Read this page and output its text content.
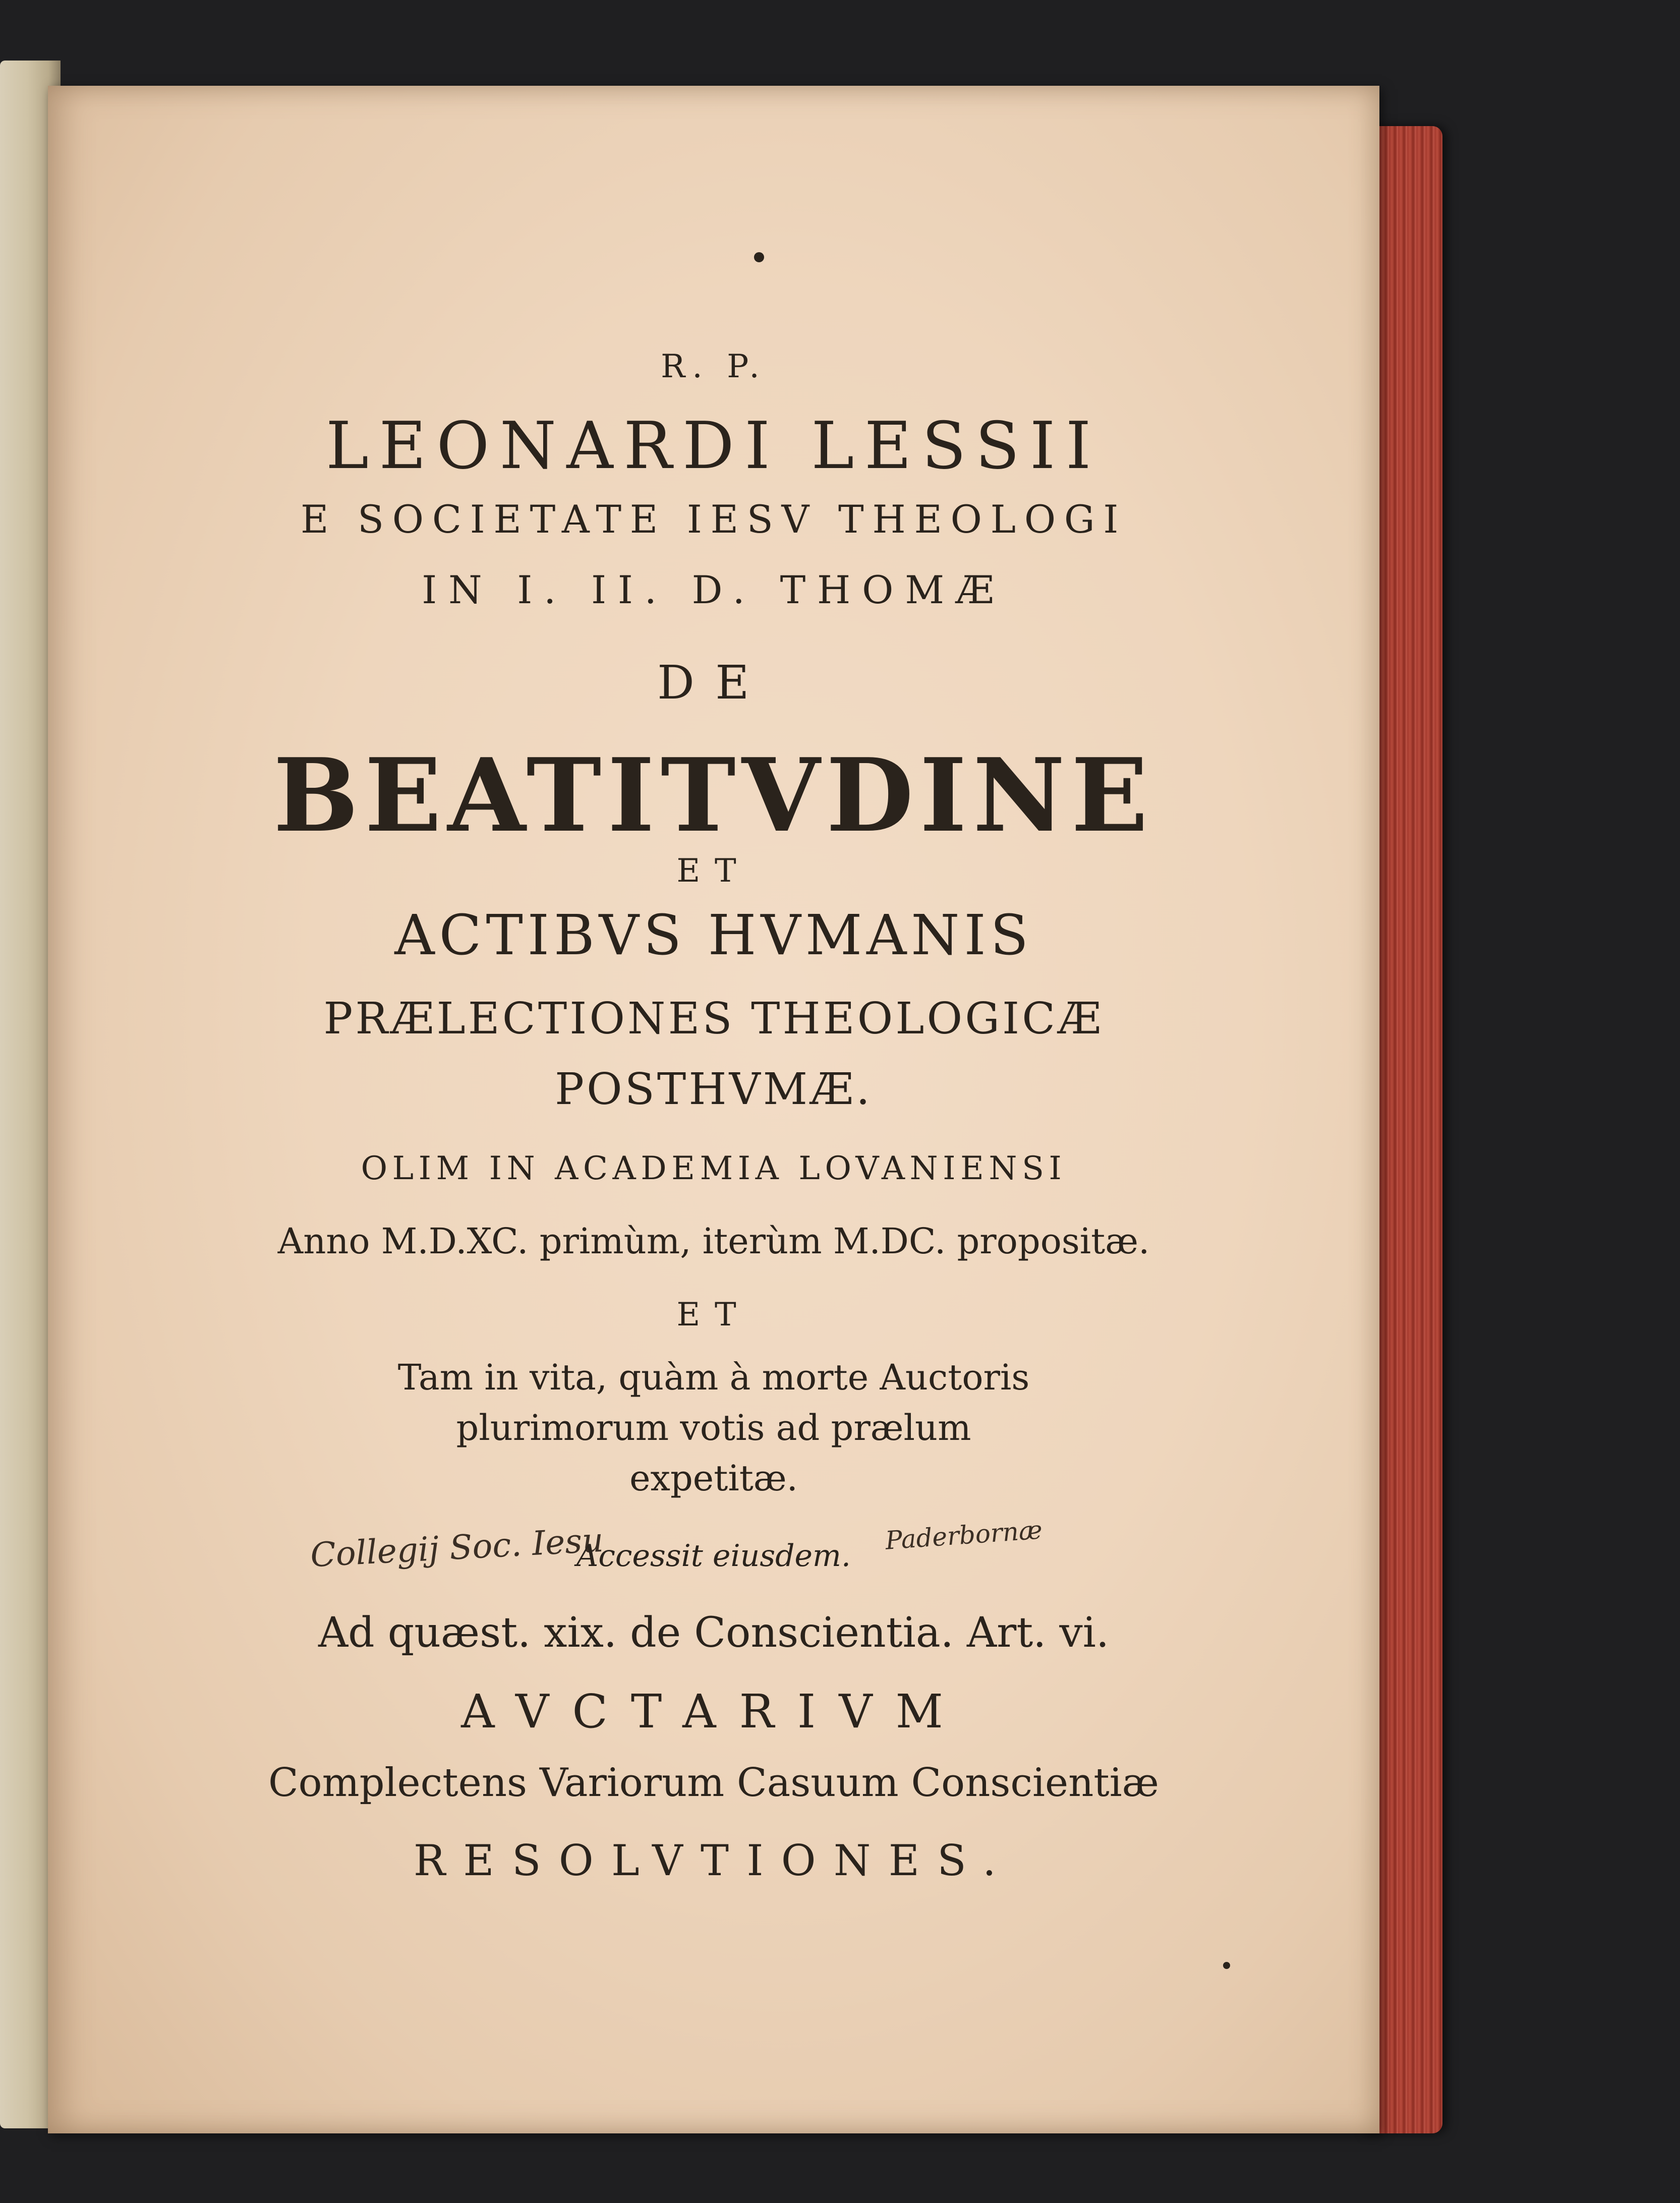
R. P.
LEONARDI LESSII
E SOCIETATE IESV THEOLOGI
IN I. II. D. THOMÆ
DE
BEATITVDINE
ET
ACTIBVS HVMANIS
PRÆLECTIONES THEOLOGICÆ
POSTHVMÆ.
OLIM IN ACADEMIA LOVANIENSI
Anno M.D.XC. primùm, iterùm M.DC. propositæ.
ET
Tam in vita, quàm à morte Auctoris
plurimorum votis ad prælum
expetitæ.
Collegij Soc. Iesu
Accessit eiusdem.
Paderbornæ
Ad quæst. xix. de Conscientia. Art. vi.
AVCTARIVM
Complectens Variorum Casuum Conscientiæ
RESOLVTIONES.
